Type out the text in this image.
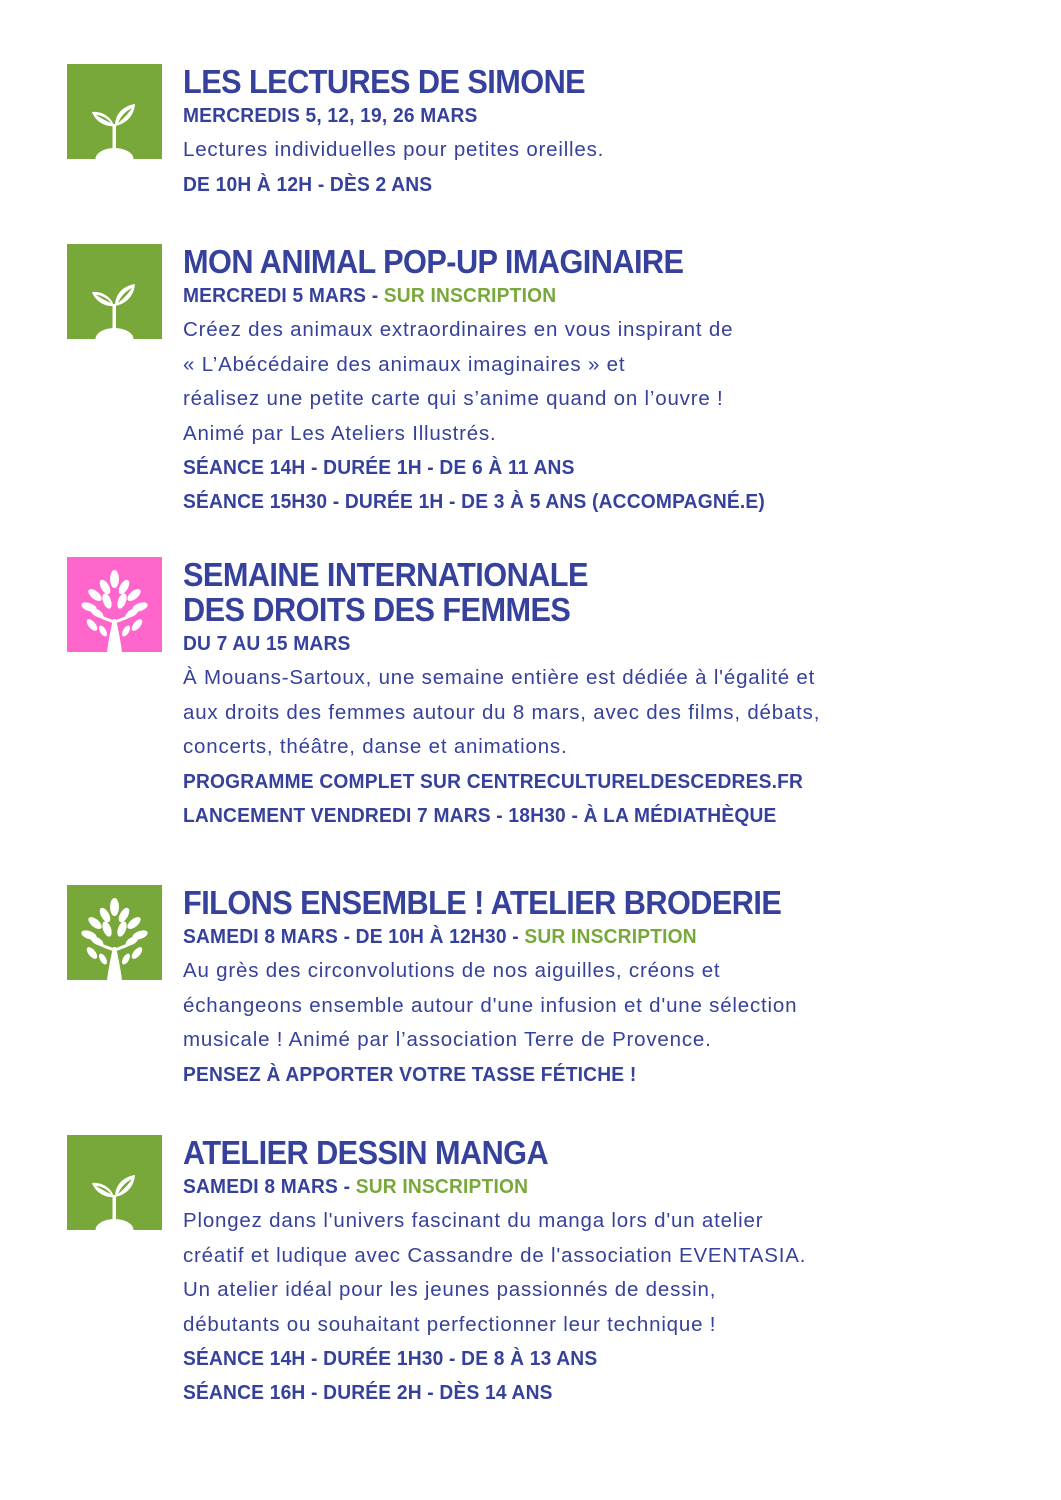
LES LECTURES DE SIMONE
MERCREDIS 5, 12, 19, 26 MARS
Lectures individuelles pour petites oreilles.
DE 10H À 12H - DÈS 2 ANS
MON ANIMAL POP-UP IMAGINAIRE
MERCREDI 5 MARS - SUR INSCRIPTION
Créez des animaux extraordinaires en vous inspirant de
« L’Abécédaire des animaux imaginaires » et
réalisez une petite carte qui s’anime quand on l’ouvre !
Animé par Les Ateliers Illustrés.
SÉANCE 14H - DURÉE 1H - DE 6 À 11 ANS
SÉANCE 15H30 - DURÉE 1H - DE 3 À 5 ANS (ACCOMPAGNÉ.E)
SEMAINE INTERNATIONALE
DES DROITS DES FEMMES
DU 7 AU 15 MARS
À Mouans-Sartoux, une semaine entière est dédiée à l'égalité et
aux droits des femmes autour du 8 mars, avec des films, débats,
concerts, théâtre, danse et animations.
PROGRAMME COMPLET SUR CENTRECULTURELDESCEDRES.FR
LANCEMENT VENDREDI 7 MARS - 18H30 - À LA MÉDIATHÈQUE
FILONS ENSEMBLE ! ATELIER BRODERIE
SAMEDI 8 MARS - DE 10H À 12H30 - SUR INSCRIPTION
Au grès des circonvolutions de nos aiguilles, créons et
échangeons ensemble autour d'une infusion et d'une sélection
musicale ! Animé par l’association Terre de Provence.
PENSEZ À APPORTER VOTRE TASSE FÉTICHE !
ATELIER DESSIN MANGA
SAMEDI 8 MARS - SUR INSCRIPTION
Plongez dans l'univers fascinant du manga lors d'un atelier
créatif et ludique avec Cassandre de l'association EVENTASIA.
Un atelier idéal pour les jeunes passionnés de dessin,
débutants ou souhaitant perfectionner leur technique !
SÉANCE 14H - DURÉE 1H30 - DE 8 À 13 ANS
SÉANCE 16H - DURÉE 2H - DÈS 14 ANS
